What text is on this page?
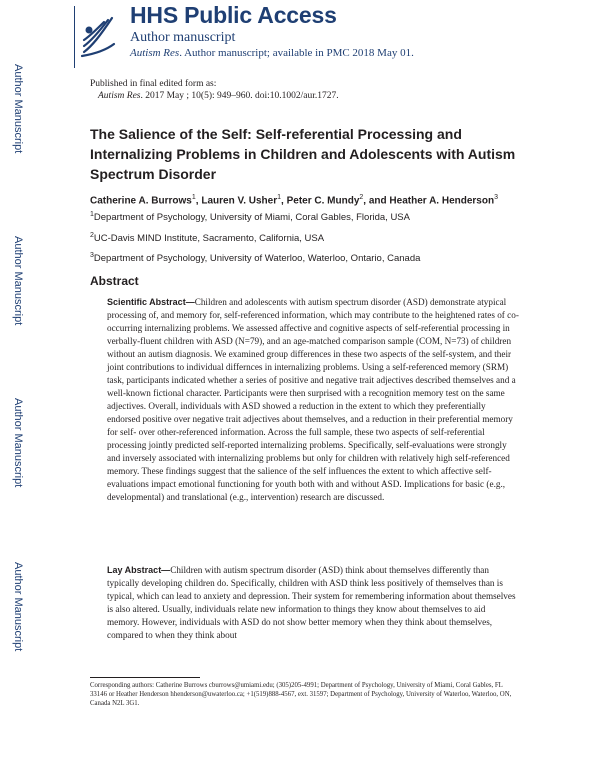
Author Manuscript
Author Manuscript
Author Manuscript
Author Manuscript
HHS Public Access
Author manuscript
Autism Res. Author manuscript; available in PMC 2018 May 01.
Published in final edited form as:
Autism Res. 2017 May ; 10(5): 949–960. doi:10.1002/aur.1727.
The Salience of the Self: Self-referential Processing and Internalizing Problems in Children and Adolescents with Autism Spectrum Disorder
Catherine A. Burrows$^1$, Lauren V. Usher$^1$, Peter C. Mundy$^2$, and Heather A. Henderson$^3$
$^1$Department of Psychology, University of Miami, Coral Gables, Florida, USA
$^2$UC-Davis MIND Institute, Sacramento, California, USA
$^3$Department of Psychology, University of Waterloo, Waterloo, Ontario, Canada
Abstract
Scientific Abstract—Children and adolescents with autism spectrum disorder (ASD) demonstrate atypical processing of, and memory for, self-referenced information, which may contribute to the heightened rates of co-occurring internalizing problems. We assessed affective and cognitive aspects of self-referential processing in verbally-fluent children with ASD (N=79), and an age-matched comparison sample (COM, N=73) of children without an autism diagnosis. We examined group differences in these two aspects of the self-system, and their joint contributions to individual differnces in internalizing problems. Using a self-referenced memory (SRM) task, participants indicated whether a series of positive and negative trait adjectives described themselves and a well-known fictional character. Participants were then surprised with a recognition memory test on the same adjectives. Overall, individuals with ASD showed a reduction in the extent to which they preferentially endorsed positive over negative trait adjectives about themselves, and a reduction in their preferential memory for self- over other-referenced information. Across the full sample, these two aspects of self-referential processing jointly predicted self-reported internalizing problems. Specifically, self-evaluations were strongly and inversely associated with internalizing problems but only for children with relatively high self-referenced memory. These findings suggest that the salience of the self influences the extent to which affective self-evaluations impact emotional functioning for youth both with and without ASD. Implications for basic (e.g., developmental) and translational (e.g., intervention) research are discussed.
Lay Abstract—Children with autism spectrum disorder (ASD) think about themselves differently than typically developing children do. Specifically, children with ASD think less positively of themselves than is typical, which can lead to anxiety and depression. Their system for remembering information about themselves is also altered. Usually, individuals relate new information to things they know about themselves to aid memory. However, individuals with ASD do not show better memory when they think about themselves, compared to when they think about
Corresponding authors: Catherine Burrows cburrows@umiami.edu; (305)205-4991; Department of Psychology, University of Miami, Coral Gables, FL 33146 or Heather Henderson hhenderson@uwaterloo.ca; +1(519)888-4567, ext. 31597; Department of Psychology, University of Waterloo, Waterloo, ON, Canada N2L 3G1.
